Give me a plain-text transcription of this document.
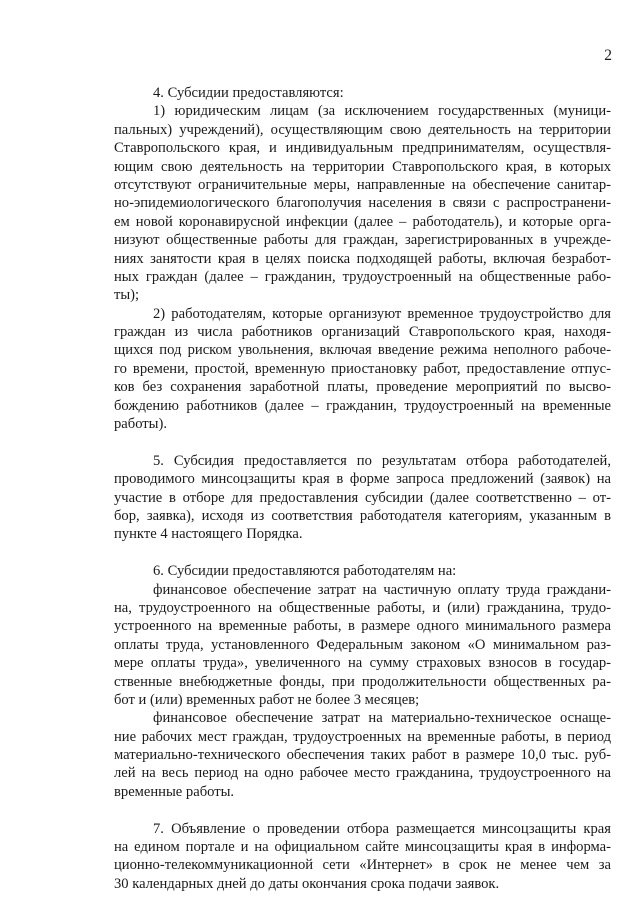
2
4. Субсидии предоставляются:
1) юридическим лицам (за исключением государственных (муници-
пальных) учреждений), осуществляющим свою деятельность на территории
Ставропольского края, и индивидуальным предпринимателям, осуществля-
ющим свою деятельность на территории Ставропольского края, в которых
отсутствуют ограничительные меры, направленные на обеспечение санитар-
но-эпидемиологического благополучия населения в связи с распространени-
ем новой коронавирусной инфекции (далее – работодатель), и которые орга-
низуют общественные работы для граждан, зарегистрированных в учрежде-
ниях занятости края в целях поиска подходящей работы, включая безработ-
ных граждан (далее – гражданин, трудоустроенный на общественные рабо-
ты);
2) работодателям, которые организуют временное трудоустройство для
граждан из числа работников организаций Ставропольского края, находя-
щихся под риском увольнения, включая введение режима неполного рабоче-
го времени, простой, временную приостановку работ, предоставление отпус-
ков без сохранения заработной платы, проведение мероприятий по высво-
бождению работников (далее – гражданин, трудоустроенный на временные
работы).
5. Субсидия предоставляется по результатам отбора работодателей,
проводимого минсоцзащиты края в форме запроса предложений (заявок) на
участие в отборе для предоставления субсидии (далее соответственно – от-
бор, заявка), исходя из соответствия работодателя категориям, указанным в
пункте 4 настоящего Порядка.
6. Субсидии предоставляются работодателям на:
финансовое обеспечение затрат на частичную оплату труда граждани-
на, трудоустроенного на общественные работы, и (или) гражданина, трудо-
устроенного на временные работы, в размере одного минимального размера
оплаты труда, установленного Федеральным законом «О минимальном раз-
мере оплаты труда», увеличенного на сумму страховых взносов в государ-
ственные внебюджетные фонды, при продолжительности общественных ра-
бот и (или) временных работ не более 3 месяцев;
финансовое обеспечение затрат на материально-техническое оснаще-
ние рабочих мест граждан, трудоустроенных на временные работы, в период
материально-технического обеспечения таких работ в размере 10,0 тыс. руб-
лей на весь период на одно рабочее место гражданина, трудоустроенного на
временные работы.
7. Объявление о проведении отбора размещается минсоцзащиты края
на едином портале и на официальном сайте минсоцзащиты края в информа-
ционно-телекоммуникационной сети «Интернет» в срок не менее чем за
30 календарных дней до даты окончания срока подачи заявок.
